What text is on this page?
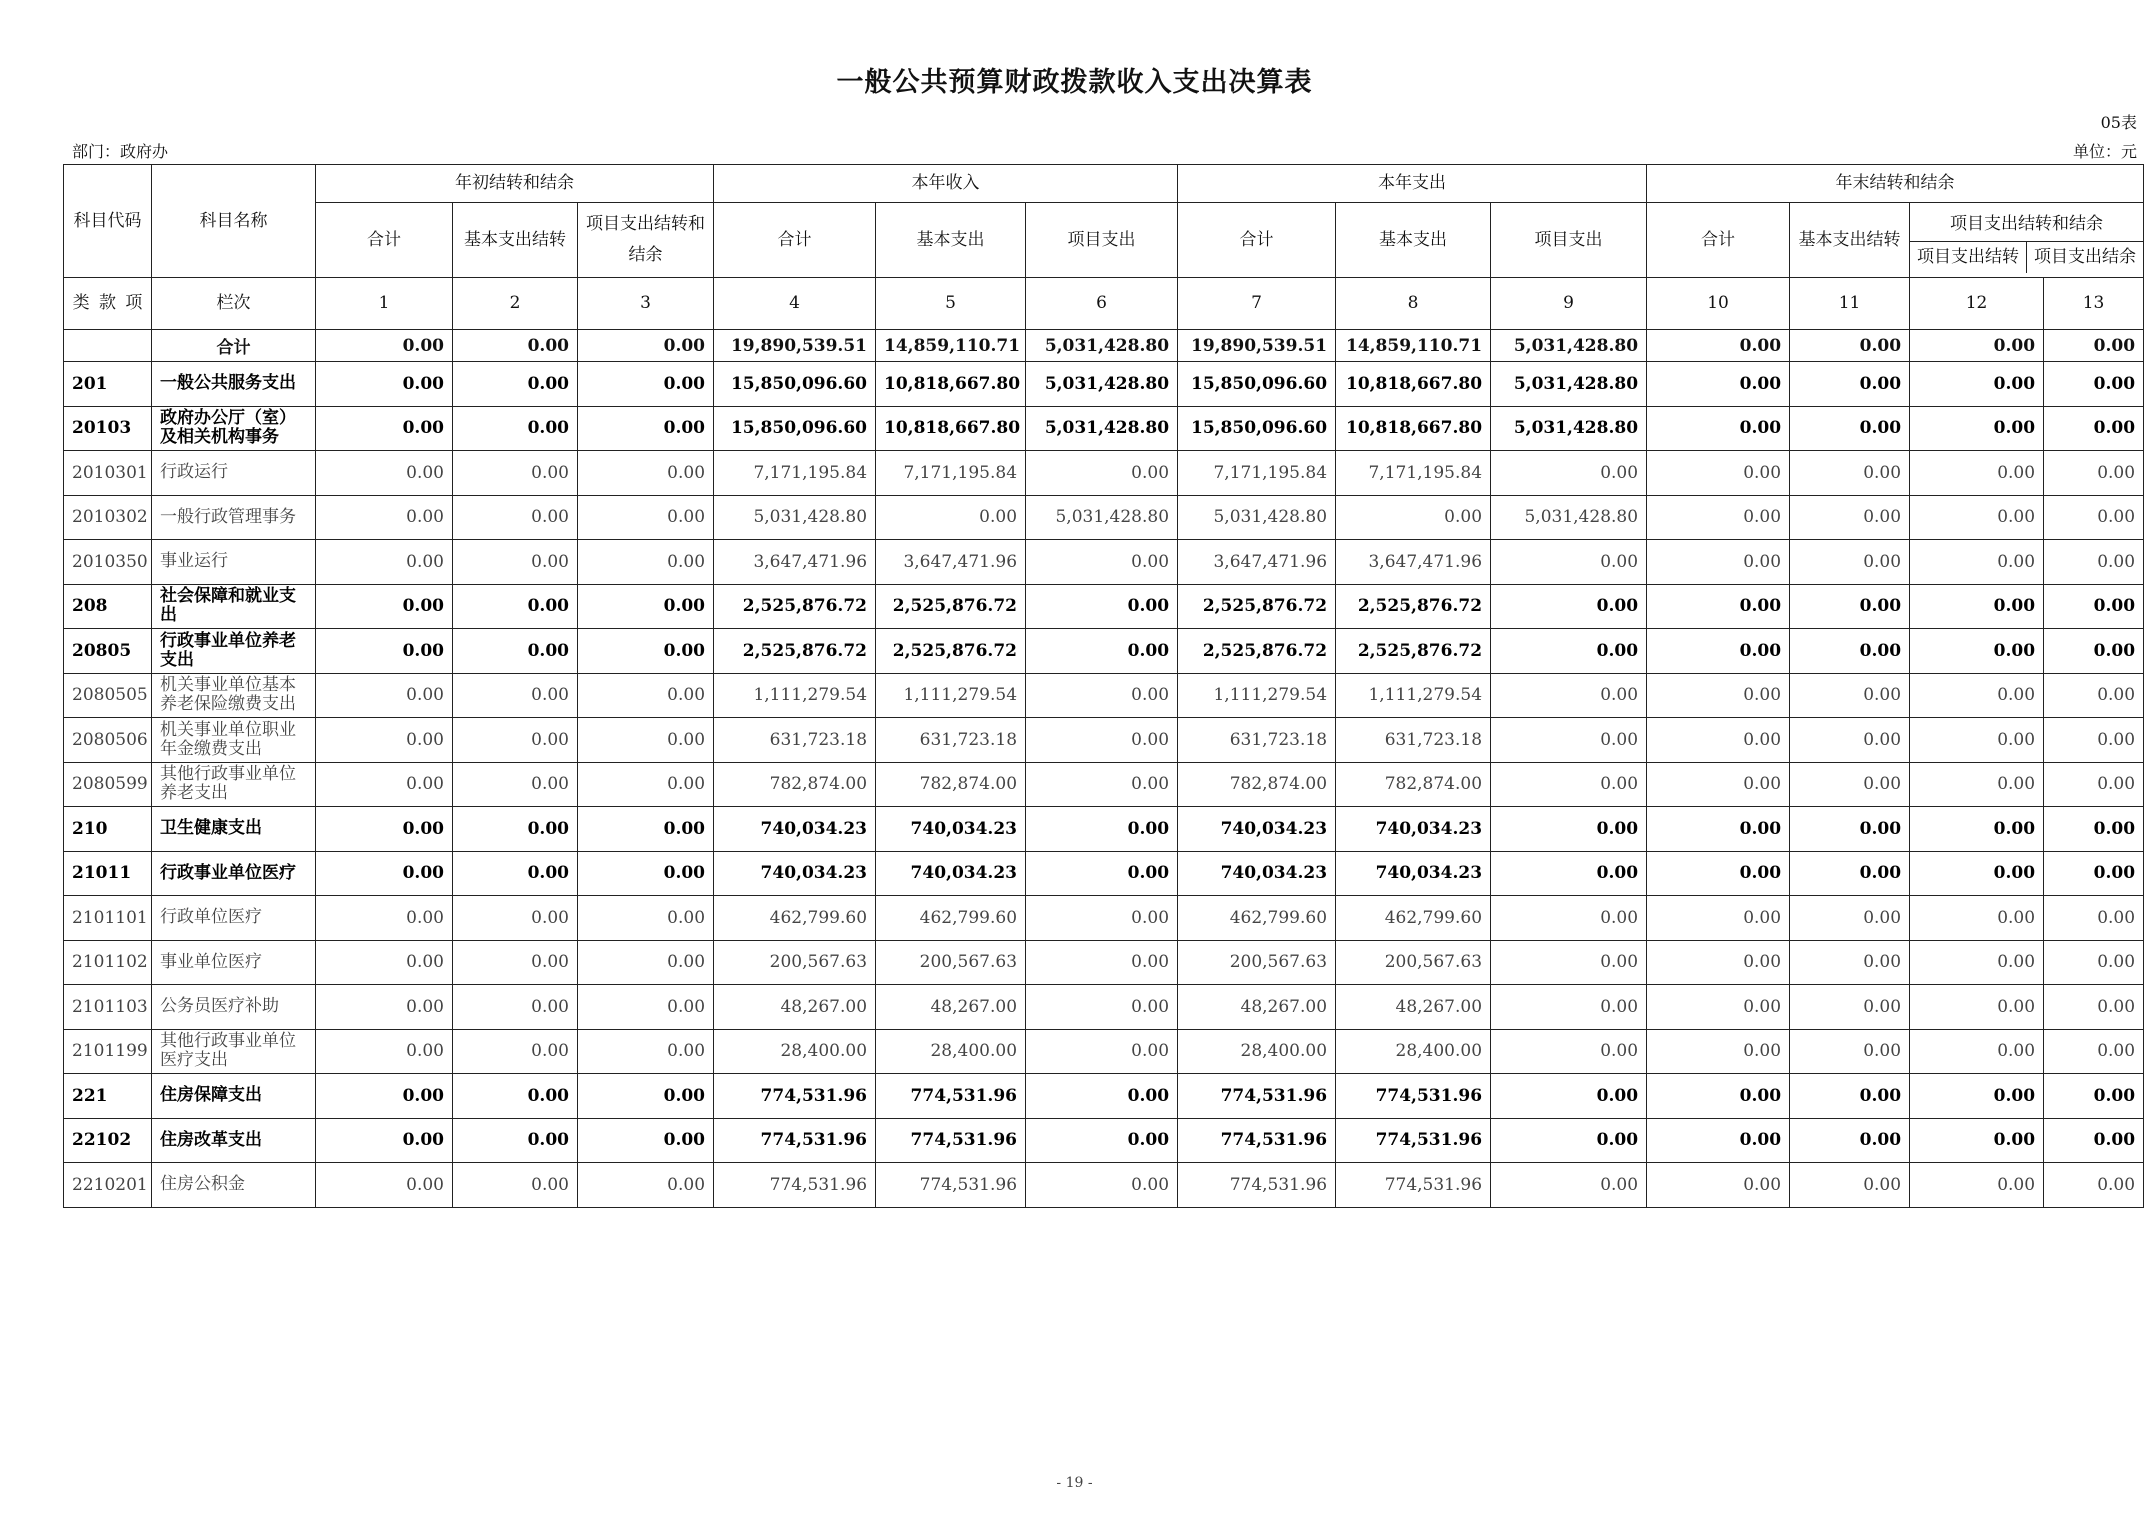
一般公共预算财政拨款收入支出决算表
05表
部门：政府办	单位：元
科目代码	科目名称	年初结转和结余			本年收入			本年支出			年末结转和结余			
		合计	基本支出结转	项目支出结转和结余	合计	基本支出	项目支出	合计	基本支出	项目支出	合计	基本支出结转	项目支出结转和结余
项目支出结转 项目支出结余	

类 款 项	栏次	1	2	3	4	5	6	7	8	9	10	11	12	13
	合计	0.00	0.00	0.00	19,890,539.51	14,859,110.71	5,031,428.80	19,890,539.51	14,859,110.71	5,031,428.80	0.00	0.00	0.00	0.00
201	一般公共服务支出	0.00	0.00	0.00	15,850,096.60	10,818,667.80	5,031,428.80	15,850,096.60	10,818,667.80	5,031,428.80	0.00	0.00	0.00	0.00
20103	政府办公厅（室）及相关机构事务	0.00	0.00	0.00	15,850,096.60	10,818,667.80	5,031,428.80	15,850,096.60	10,818,667.80	5,031,428.80	0.00	0.00	0.00	0.00
2010301	行政运行	0.00	0.00	0.00	7,171,195.84	7,171,195.84	0.00	7,171,195.84	7,171,195.84	0.00	0.00	0.00	0.00	0.00
2010302	一般行政管理事务	0.00	0.00	0.00	5,031,428.80	0.00	5,031,428.80	5,031,428.80	0.00	5,031,428.80	0.00	0.00	0.00	0.00
2010350	事业运行	0.00	0.00	0.00	3,647,471.96	3,647,471.96	0.00	3,647,471.96	3,647,471.96	0.00	0.00	0.00	0.00	0.00
208	社会保障和就业支出	0.00	0.00	0.00	2,525,876.72	2,525,876.72	0.00	2,525,876.72	2,525,876.72	0.00	0.00	0.00	0.00	0.00
20805	行政事业单位养老支出	0.00	0.00	0.00	2,525,876.72	2,525,876.72	0.00	2,525,876.72	2,525,876.72	0.00	0.00	0.00	0.00	0.00
2080505	机关事业单位基本养老保险缴费支出	0.00	0.00	0.00	1,111,279.54	1,111,279.54	0.00	1,111,279.54	1,111,279.54	0.00	0.00	0.00	0.00	0.00
2080506	机关事业单位职业年金缴费支出	0.00	0.00	0.00	631,723.18	631,723.18	0.00	631,723.18	631,723.18	0.00	0.00	0.00	0.00	0.00
2080599	其他行政事业单位养老支出	0.00	0.00	0.00	782,874.00	782,874.00	0.00	782,874.00	782,874.00	0.00	0.00	0.00	0.00	0.00
210	卫生健康支出	0.00	0.00	0.00	740,034.23	740,034.23	0.00	740,034.23	740,034.23	0.00	0.00	0.00	0.00	0.00
21011	行政事业单位医疗	0.00	0.00	0.00	740,034.23	740,034.23	0.00	740,034.23	740,034.23	0.00	0.00	0.00	0.00	0.00
2101101	行政单位医疗	0.00	0.00	0.00	462,799.60	462,799.60	0.00	462,799.60	462,799.60	0.00	0.00	0.00	0.00	0.00
2101102	事业单位医疗	0.00	0.00	0.00	200,567.63	200,567.63	0.00	200,567.63	200,567.63	0.00	0.00	0.00	0.00	0.00
2101103	公务员医疗补助	0.00	0.00	0.00	48,267.00	48,267.00	0.00	48,267.00	48,267.00	0.00	0.00	0.00	0.00	0.00
2101199	其他行政事业单位医疗支出	0.00	0.00	0.00	28,400.00	28,400.00	0.00	28,400.00	28,400.00	0.00	0.00	0.00	0.00	0.00
221	住房保障支出	0.00	0.00	0.00	774,531.96	774,531.96	0.00	774,531.96	774,531.96	0.00	0.00	0.00	0.00	0.00
22102	住房改革支出	0.00	0.00	0.00	774,531.96	774,531.96	0.00	774,531.96	774,531.96	0.00	0.00	0.00	0.00	0.00
2210201	住房公积金	0.00	0.00	0.00	774,531.96	774,531.96	0.00	774,531.96	774,531.96	0.00	0.00	0.00	0.00	0.00
- 19 -
